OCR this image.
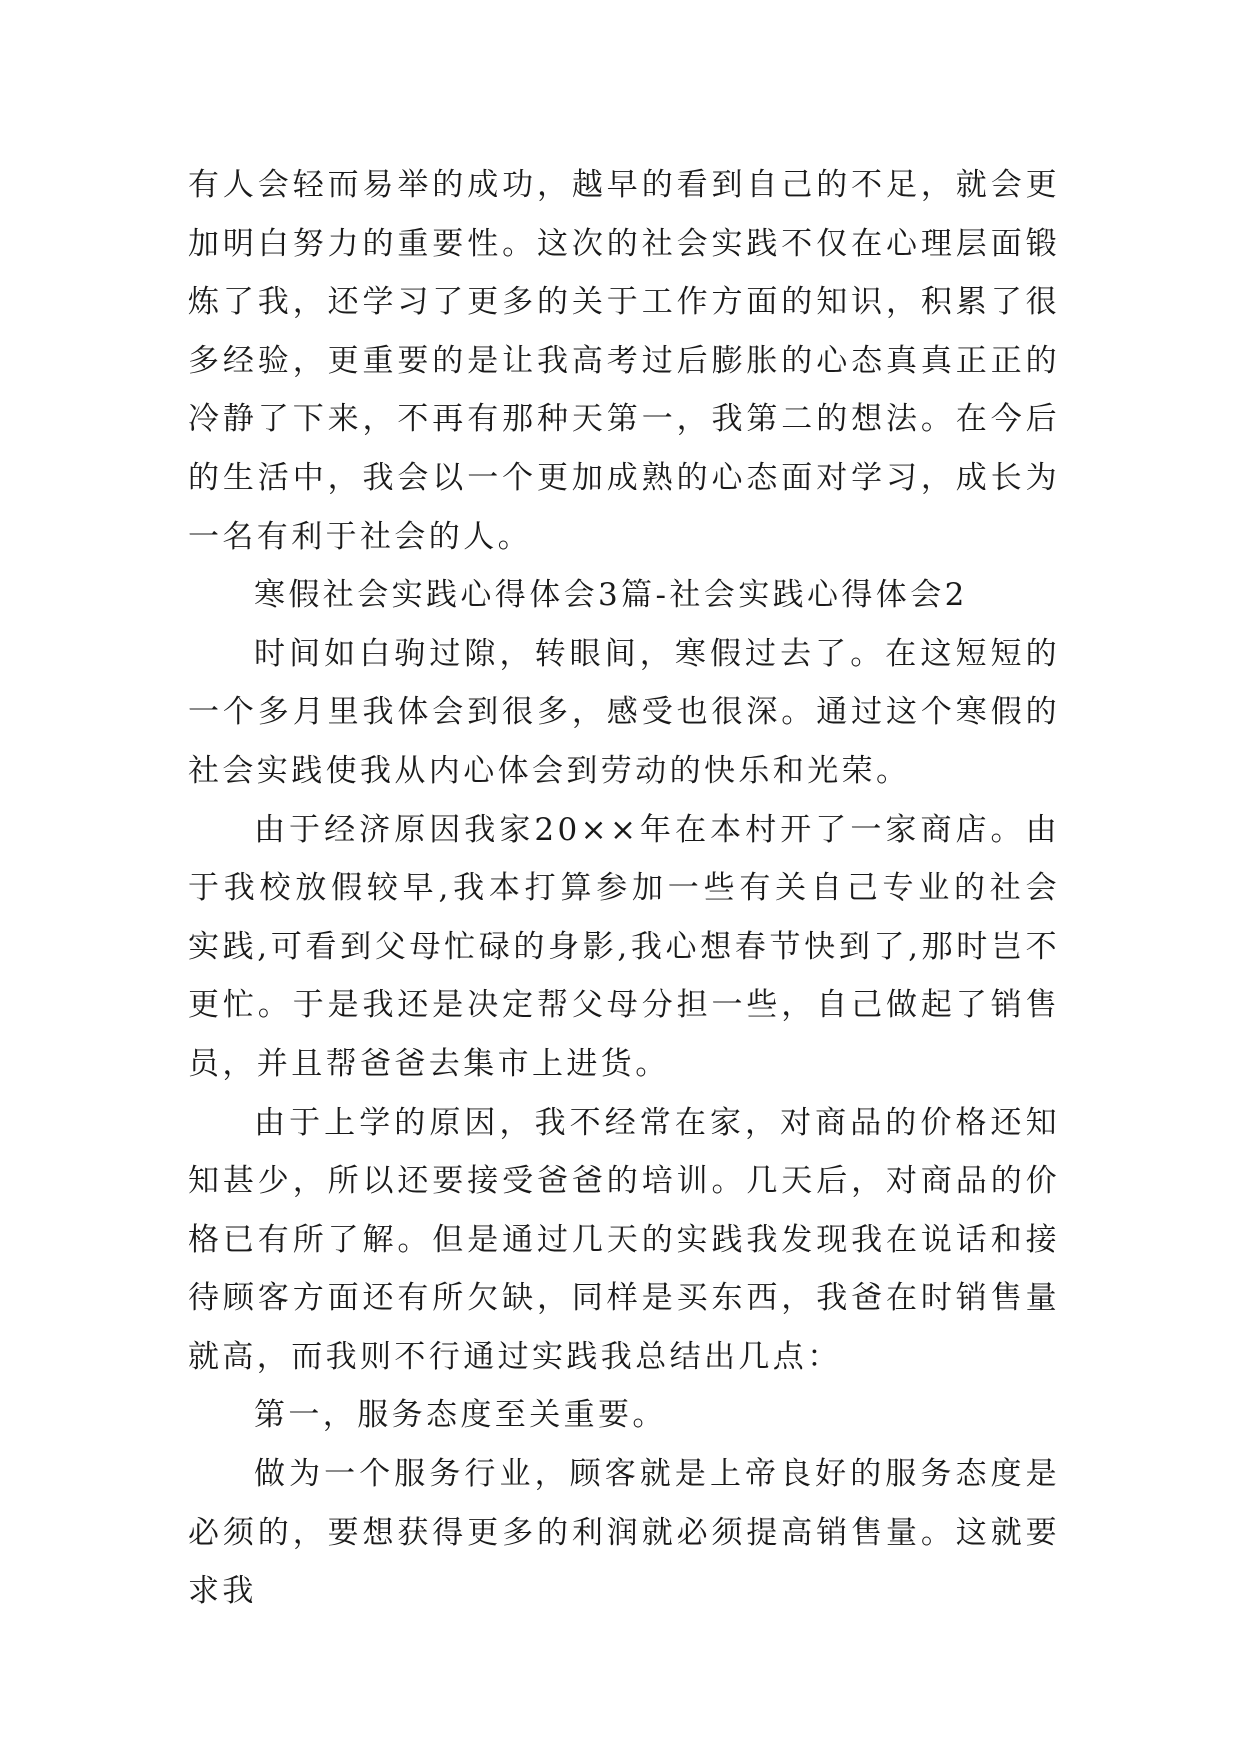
有人会轻而易举的成功，越早的看到自己的不足，就会更加明白努力的重要性。这次的社会实践不仅在心理层面锻炼了我，还学习了更多的关于工作方面的知识，积累了很多经验，更重要的是让我高考过后膨胀的心态真真正正的冷静了下来，不再有那种天第一，我第二的想法。在今后的生活中，我会以一个更加成熟的心态面对学习，成长为一名有利于社会的人。

寒假社会实践心得体会3篇-社会实践心得体会2

时间如白驹过隙，转眼间，寒假过去了。在这短短的一个多月里我体会到很多，感受也很深。通过这个寒假的社会实践使我从内心体会到劳动的快乐和光荣。

由于经济原因我家20××年在本村开了一家商店。由于我校放假较早,我本打算参加一些有关自己专业的社会实践,可看到父母忙碌的身影,我心想春节快到了,那时岂不更忙。于是我还是决定帮父母分担一些，自己做起了销售员，并且帮爸爸去集市上进货。

由于上学的原因，我不经常在家，对商品的价格还知知甚少，所以还要接受爸爸的培训。几天后，对商品的价格已有所了解。但是通过几天的实践我发现我在说话和接待顾客方面还有所欠缺，同样是买东西，我爸在时销售量就高，而我则不行通过实践我总结出几点：

第一，服务态度至关重要。

做为一个服务行业，顾客就是上帝良好的服务态度是必须的，要想获得更多的利润就必须提高销售量。这就要求我
